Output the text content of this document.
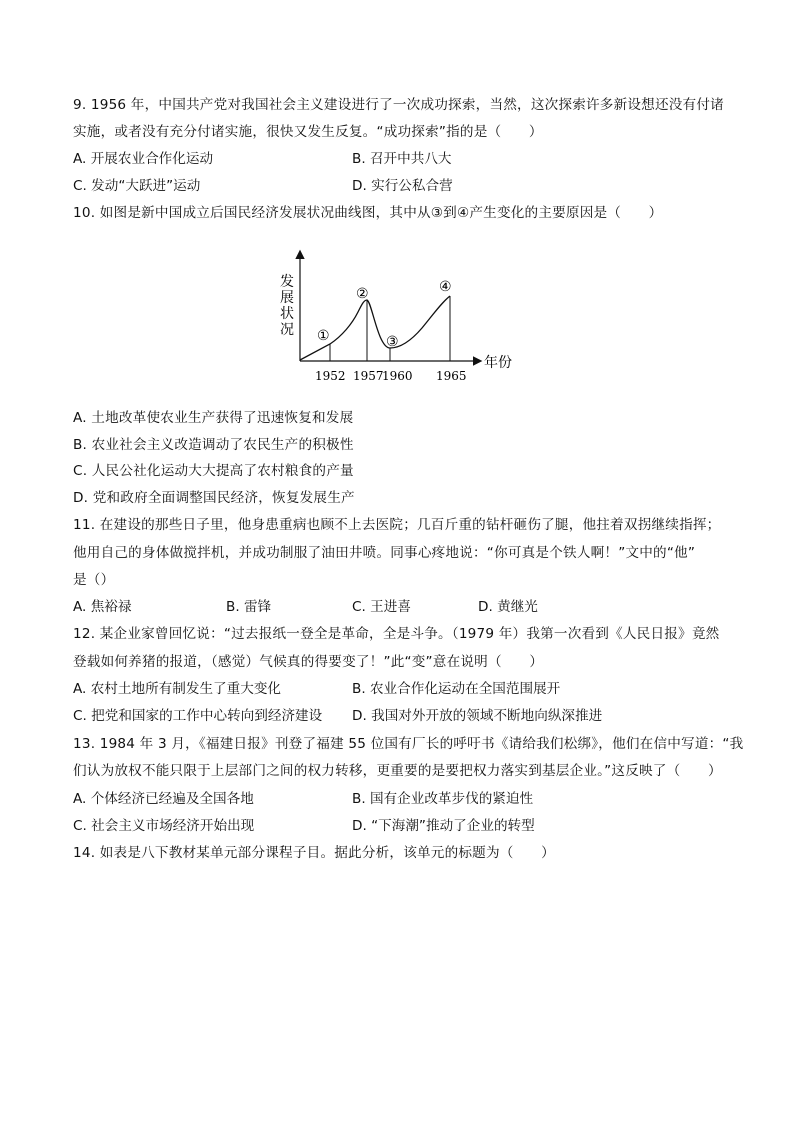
9. 1956 年，中国共产党对我国社会主义建设进行了一次成功探索，当然，这次探索许多新设想还没有付诸
实施，或者没有充分付诸实施，很快又发生反复。“成功探索”指的是（　　）
A. 开展农业合作化运动	B. 召开中共八大
C. 发动“大跃进”运动	D. 实行公私合营
10. 如图是新中国成立后国民经济发展状况曲线图，其中从③到④产生变化的主要原因是（　　）
发
展
状
况 ①
②
③
④
1952 1957
1960 1965
年份
A. 土地改革使农业生产获得了迅速恢复和发展
B. 农业社会主义改造调动了农民生产的积极性
C. 人民公社化运动大大提高了农村粮食的产量
D. 党和政府全面调整国民经济，恢复发展生产
11. 在建设的那些日子里，他身患重病也顾不上去医院；几百斤重的钻杆砸伤了腿，他拄着双拐继续指挥；
他用自己的身体做搅拌机，并成功制服了油田井喷。同事心疼地说：“你可真是个铁人啊！”文中的“他”
是（）
A. 焦裕禄	B. 雷锋	C. 王进喜	D. 黄继光
12. 某企业家曾回忆说：“过去报纸一登全是革命，全是斗争。（1979 年）我第一次看到《人民日报》竟然
登载如何养猪的报道，（感觉）气候真的得要变了！”此“变”意在说明（　　）
A. 农村土地所有制发生了重大变化	B. 农业合作化运动在全国范围展开
C. 把党和国家的工作中心转向到经济建设 D. 我国对外开放的领域不断地向纵深推进
13. 1984 年 3 月，《福建日报》刊登了福建 55 位国有厂长的呼吁书《请给我们松绑》，他们在信中写道：“我
们认为放权不能只限于上层部门之间的权力转移，更重要的是要把权力落实到基层企业。”这反映了（　　）
A. 个体经济已经遍及全国各地	B. 国有企业改革步伐的紧迫性
C. 社会主义市场经济开始出现	D. “下海潮”推动了企业的转型
14. 如表是八下教材某单元部分课程子目。据此分析，该单元的标题为（　　）
